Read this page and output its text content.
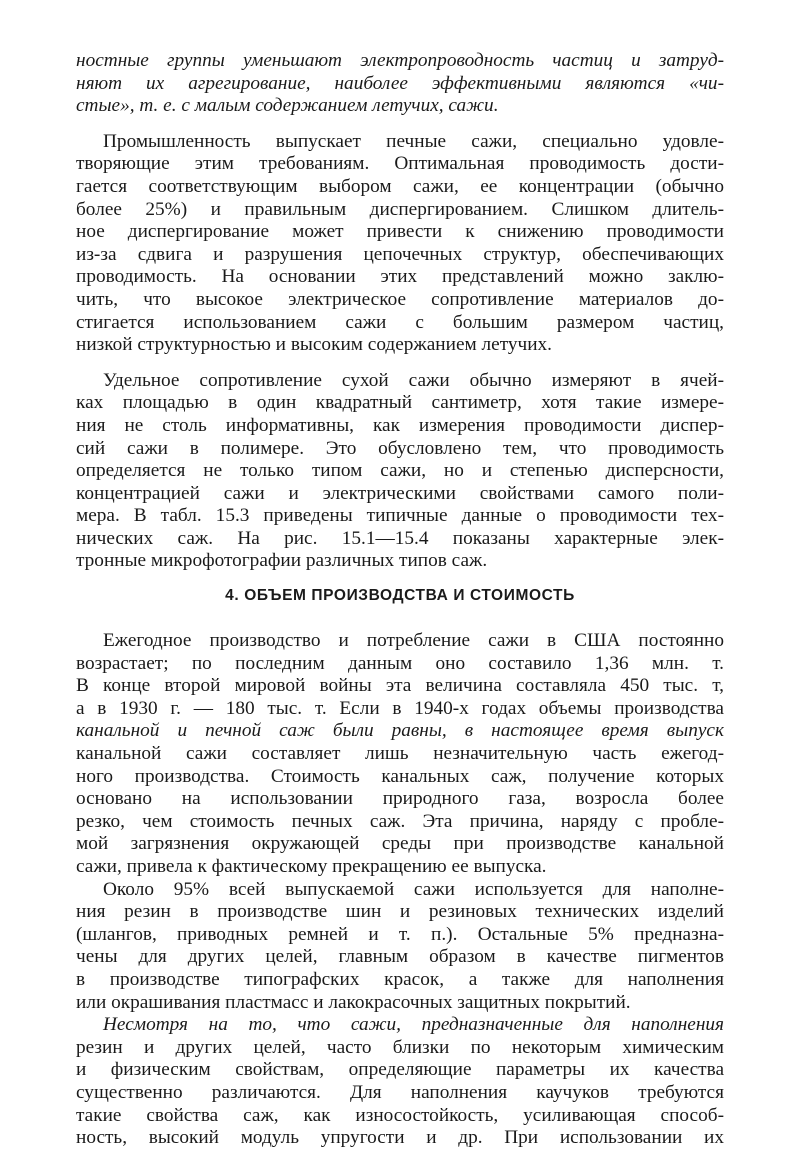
ностные группы уменьшают электропроводность частиц и затруд-
няют их агрегирование, наиболее эффективными являются «чи-
стые», т. е. с малым содержанием летучих, сажи.
Промышленность выпускает печные сажи, специально удовле-
творяющие этим требованиям. Оптимальная проводимость дости-
гается соответствующим выбором сажи, ее концентрации (обычно
более 25%) и правильным диспергированием. Слишком длитель-
ное диспергирование может привести к снижению проводимости
из-за сдвига и разрушения цепочечных структур, обеспечивающих
проводимость. На основании этих представлений можно заклю-
чить, что высокое электрическое сопротивление материалов до-
стигается использованием сажи с большим размером частиц,
низкой структурностью и высоким содержанием летучих.
Удельное сопротивление сухой сажи обычно измеряют в ячей-
ках площадью в один квадратный сантиметр, хотя такие измере-
ния не столь информативны, как измерения проводимости диспер-
сий сажи в полимере. Это обусловлено тем, что проводимость
определяется не только типом сажи, но и степенью дисперсности,
концентрацией сажи и электрическими свойствами самого поли-
мера. В табл. 15.3 приведены типичные данные о проводимости тех-
нических саж. На рис. 15.1—15.4 показаны характерные элек-
тронные микрофотографии различных типов саж.
4. ОБЪЕМ ПРОИЗВОДСТВА И СТОИМОСТЬ
Ежегодное производство и потребление сажи в США постоянно
возрастает; по последним данным оно составило 1,36 млн. т.
В конце второй мировой войны эта величина составляла 450 тыс. т,
а в 1930 г. — 180 тыс. т. Если в 1940-х годах объемы производства
канальной и печной саж были равны, в настоящее время выпуск
канальной сажи составляет лишь незначительную часть ежегод-
ного производства. Стоимость канальных саж, получение которых
основано на использовании природного газа, возросла более
резко, чем стоимость печных саж. Эта причина, наряду с пробле-
мой загрязнения окружающей среды при производстве канальной
сажи, привела к фактическому прекращению ее выпуска.
Около 95% всей выпускаемой сажи используется для наполне-
ния резин в производстве шин и резиновых технических изделий
(шлангов, приводных ремней и т. п.). Остальные 5% предназна-
чены для других целей, главным образом в качестве пигментов
в производстве типографских красок, а также для наполнения
или окрашивания пластмасс и лакокрасочных защитных покрытий.
Несмотря на то, что сажи, предназначенные для наполнения
резин и других целей, часто близки по некоторым химическим
и физическим свойствам, определяющие параметры их качества
существенно различаются. Для наполнения каучуков требуются
такие свойства саж, как износостойкость, усиливающая способ-
ность, высокий модуль упругости и др. При использовании их
